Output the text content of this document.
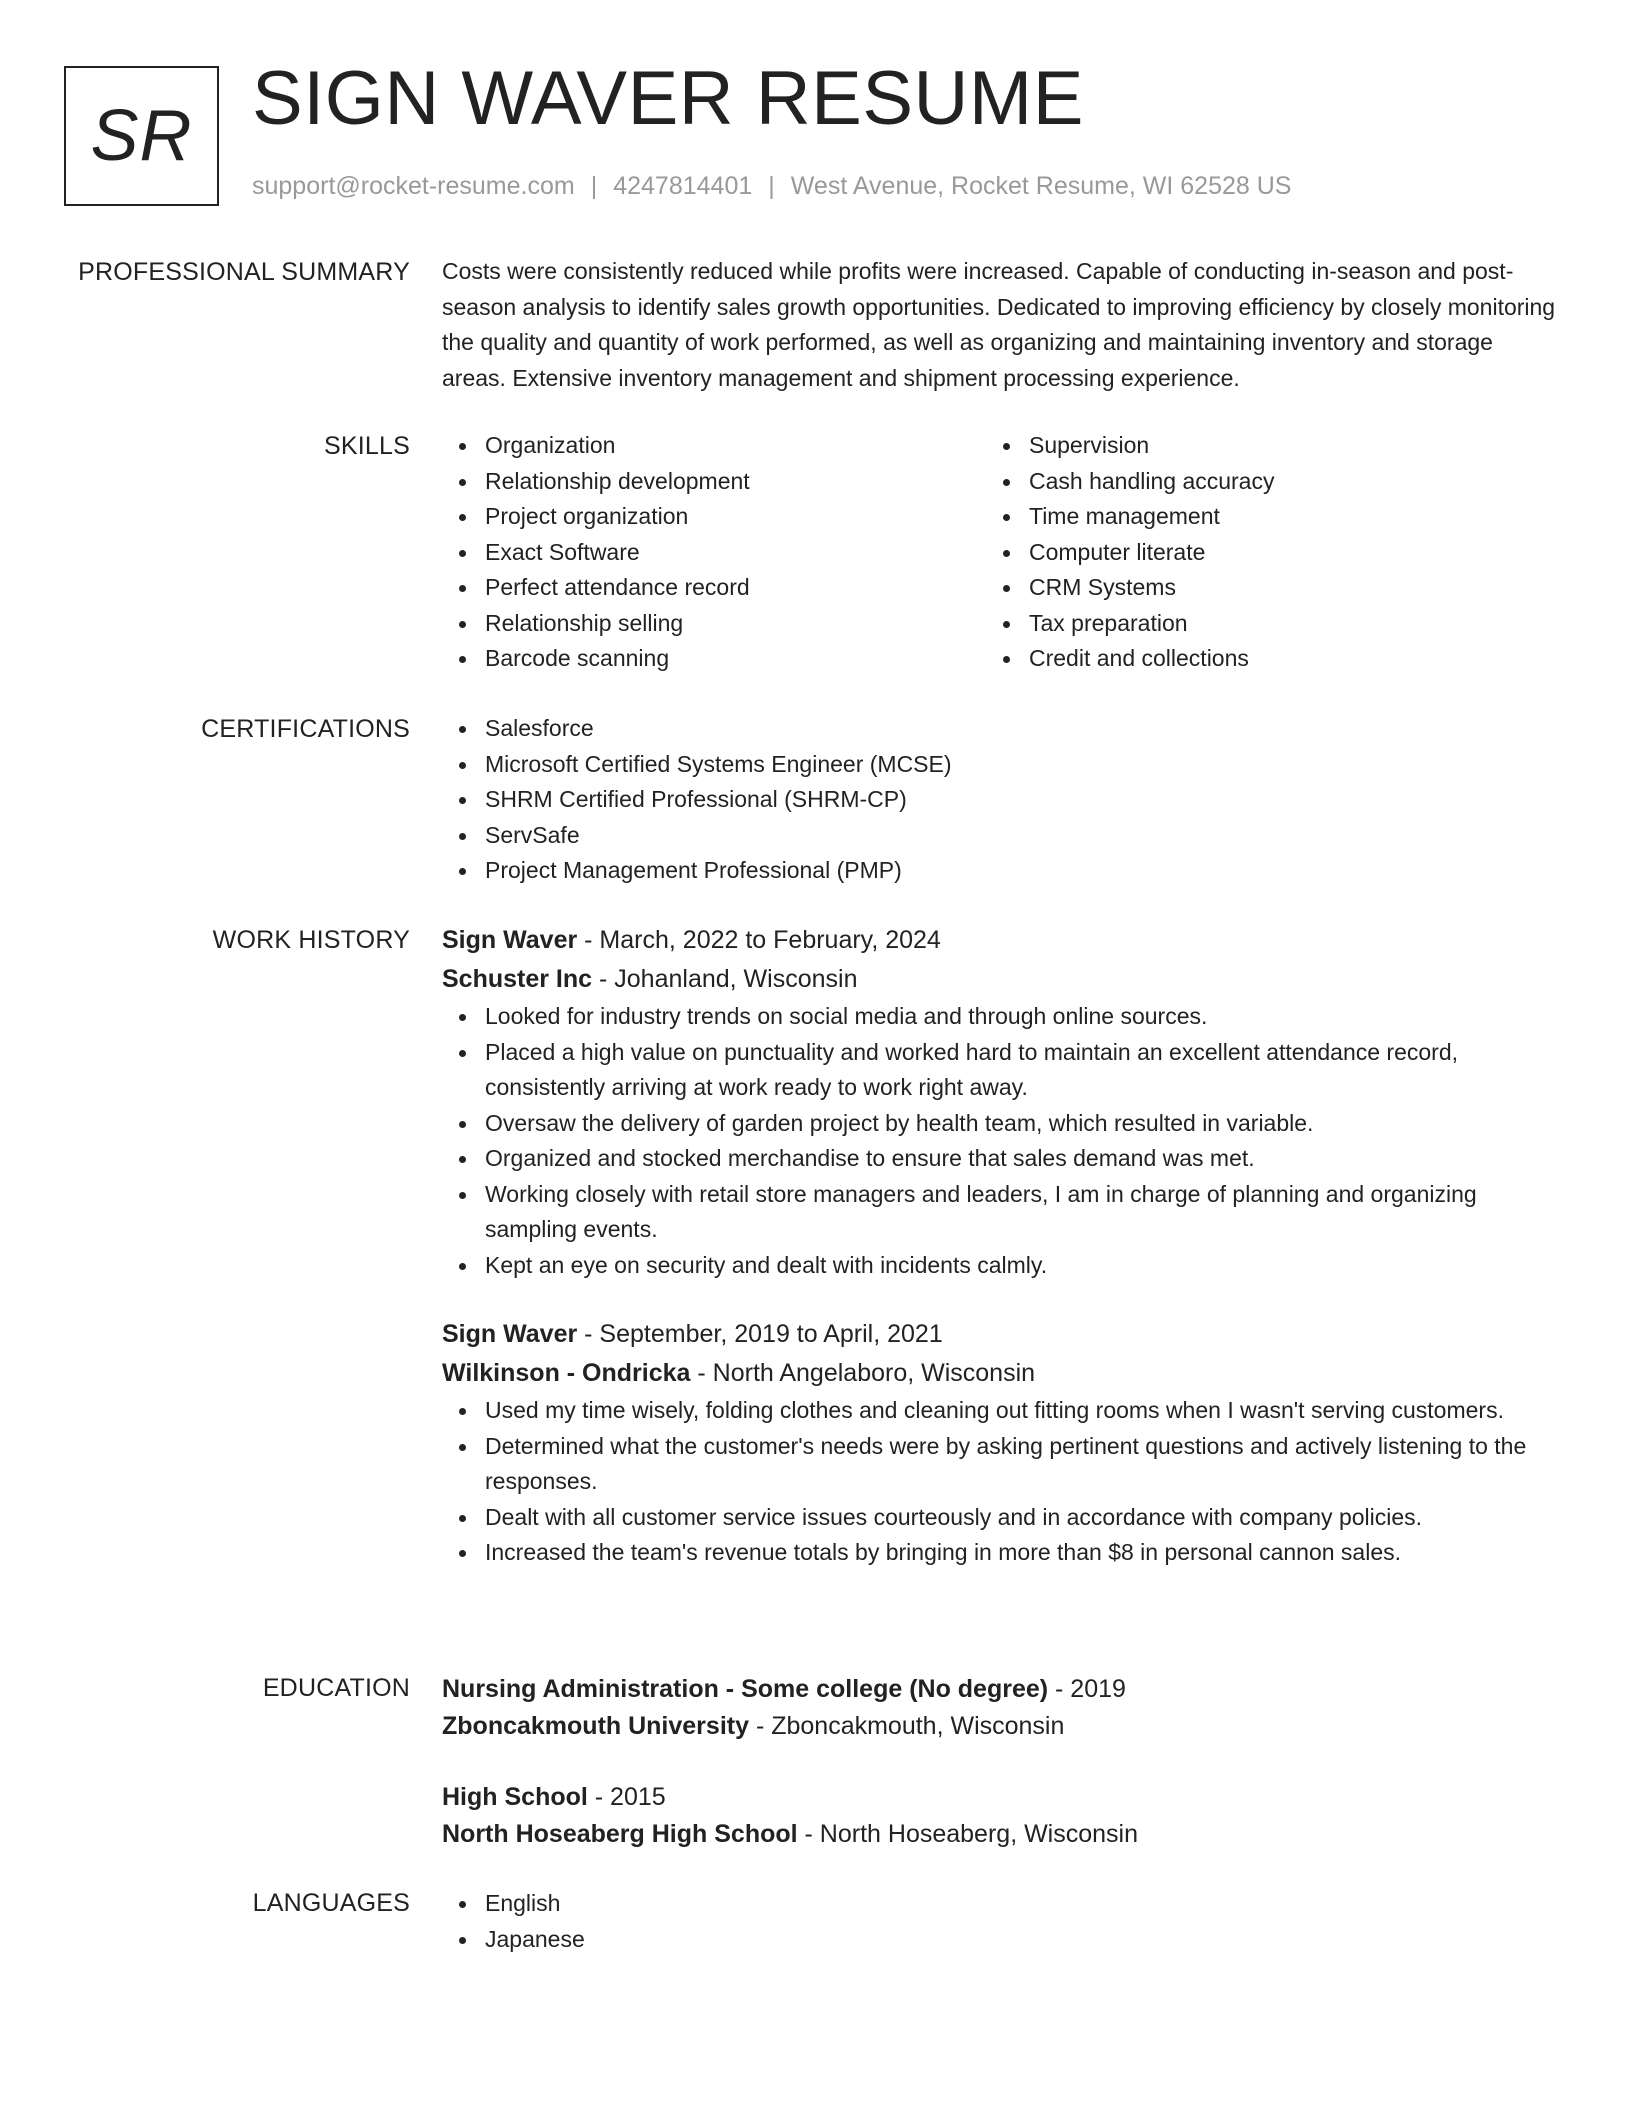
SR SIGN WAVER RESUME
support@rocket-resume.com | 4247814401 | West Avenue, Rocket Resume, WI 62528 US
PROFESSIONAL SUMMARY Costs were consistently reduced while profits were increased. Capable of conducting in-season and post-season analysis to identify sales growth opportunities. Dedicated to improving efficiency by closely monitoring the quality and quantity of work performed, as well as organizing and maintaining inventory and storage areas. Extensive inventory management and shipment processing experience.

SKILLS	Organization
Relationship development
Project organization
Exact Software
Perfect attendance record
Relationship selling
Barcode scanning
Supervision
Cash handling accuracy
Time management
Computer literate
CRM Systems
Tax preparation
Credit and collections
CERTIFICATIONS	Salesforce
Microsoft Certified Systems Engineer (MCSE)
SHRM Certified Professional (SHRM-CP)
ServSafe
Project Management Professional (PMP)
WORK HISTORY Sign Waver - March, 2022 to February, 2024
Schuster Inc - Johanland, Wisconsin
Looked for industry trends on social media and through online sources.
Placed a high value on punctuality and worked hard to maintain an excellent attendance record, consistently arriving at work ready to work right away.
Oversaw the delivery of garden project by health team, which resulted in variable.
Organized and stocked merchandise to ensure that sales demand was met.
Working closely with retail store managers and leaders, I am in charge of planning and organizing sampling events.
Kept an eye on security and dealt with incidents calmly.
Sign Waver - September, 2019 to April, 2021
Wilkinson - Ondricka - North Angelaboro, Wisconsin
Used my time wisely, folding clothes and cleaning out fitting rooms when I wasn't serving customers.
Determined what the customer's needs were by asking pertinent questions and actively listening to the responses.
Dealt with all customer service issues courteously and in accordance with company policies.
Increased the team's revenue totals by bringing in more than $8 in personal cannon sales.
EDUCATION Nursing Administration - Some college (No degree) - 2019
Zboncakmouth University - Zboncakmouth, Wisconsin
High School - 2015
North Hoseaberg High School - North Hoseaberg, Wisconsin
LANGUAGES	English
Japanese
